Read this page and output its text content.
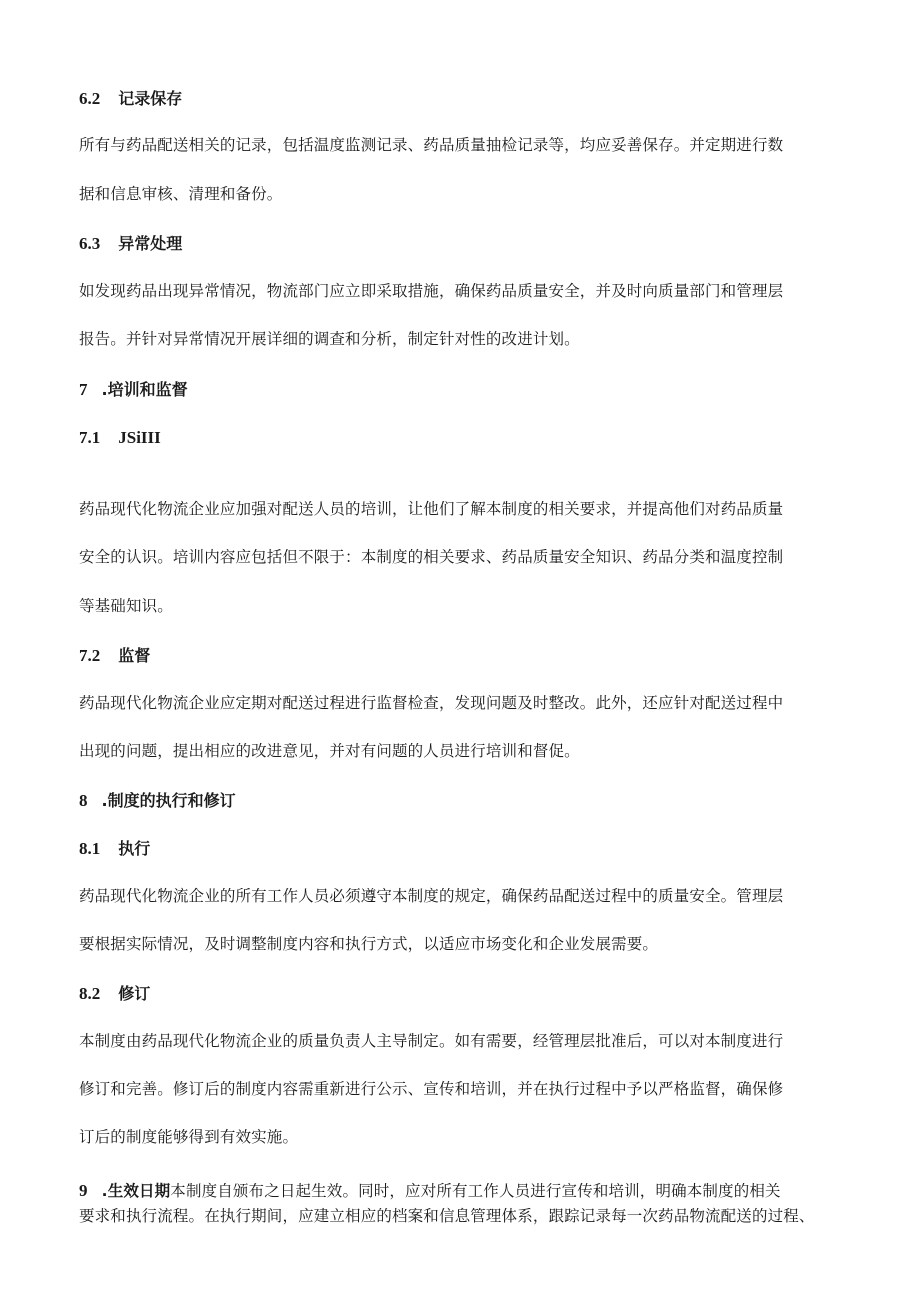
6.2 记录保存
所有与药品配送相关的记录，包括温度监测记录、药品质量抽检记录等，均应妥善保存。并定期进行数
据和信息审核、清理和备份。
6.3 异常处理
如发现药品出现异常情况，物流部门应立即采取措施，确保药品质量安全，并及时向质量部门和管理层
报告。并针对异常情况开展详细的调查和分析，制定针对性的改进计划。
7 .培训和监督
7.1 JSiIII
药品现代化物流企业应加强对配送人员的培训，让他们了解本制度的相关要求，并提高他们对药品质量
安全的认识。培训内容应包括但不限于：本制度的相关要求、药品质量安全知识、药品分类和温度控制
等基础知识。
7.2 监督
药品现代化物流企业应定期对配送过程进行监督检查，发现问题及时整改。此外，还应针对配送过程中
出现的问题，提出相应的改进意见，并对有问题的人员进行培训和督促。
8 .制度的执行和修订
8.1 执行
药品现代化物流企业的所有工作人员必须遵守本制度的规定，确保药品配送过程中的质量安全。管理层
要根据实际情况，及时调整制度内容和执行方式，以适应市场变化和企业发展需要。
8.2 修订
本制度由药品现代化物流企业的质量负责人主导制定。如有需要，经管理层批准后，可以对本制度进行
修订和完善。修订后的制度内容需重新进行公示、宣传和培训，并在执行过程中予以严格监督，确保修
订后的制度能够得到有效实施。
9 .生效日期本制度自颁布之日起生效。同时，应对所有工作人员进行宣传和培训，明确本制度的相关
要求和执行流程。在执行期间，应建立相应的档案和信息管理体系，跟踪记录每一次药品物流配送的过程、
